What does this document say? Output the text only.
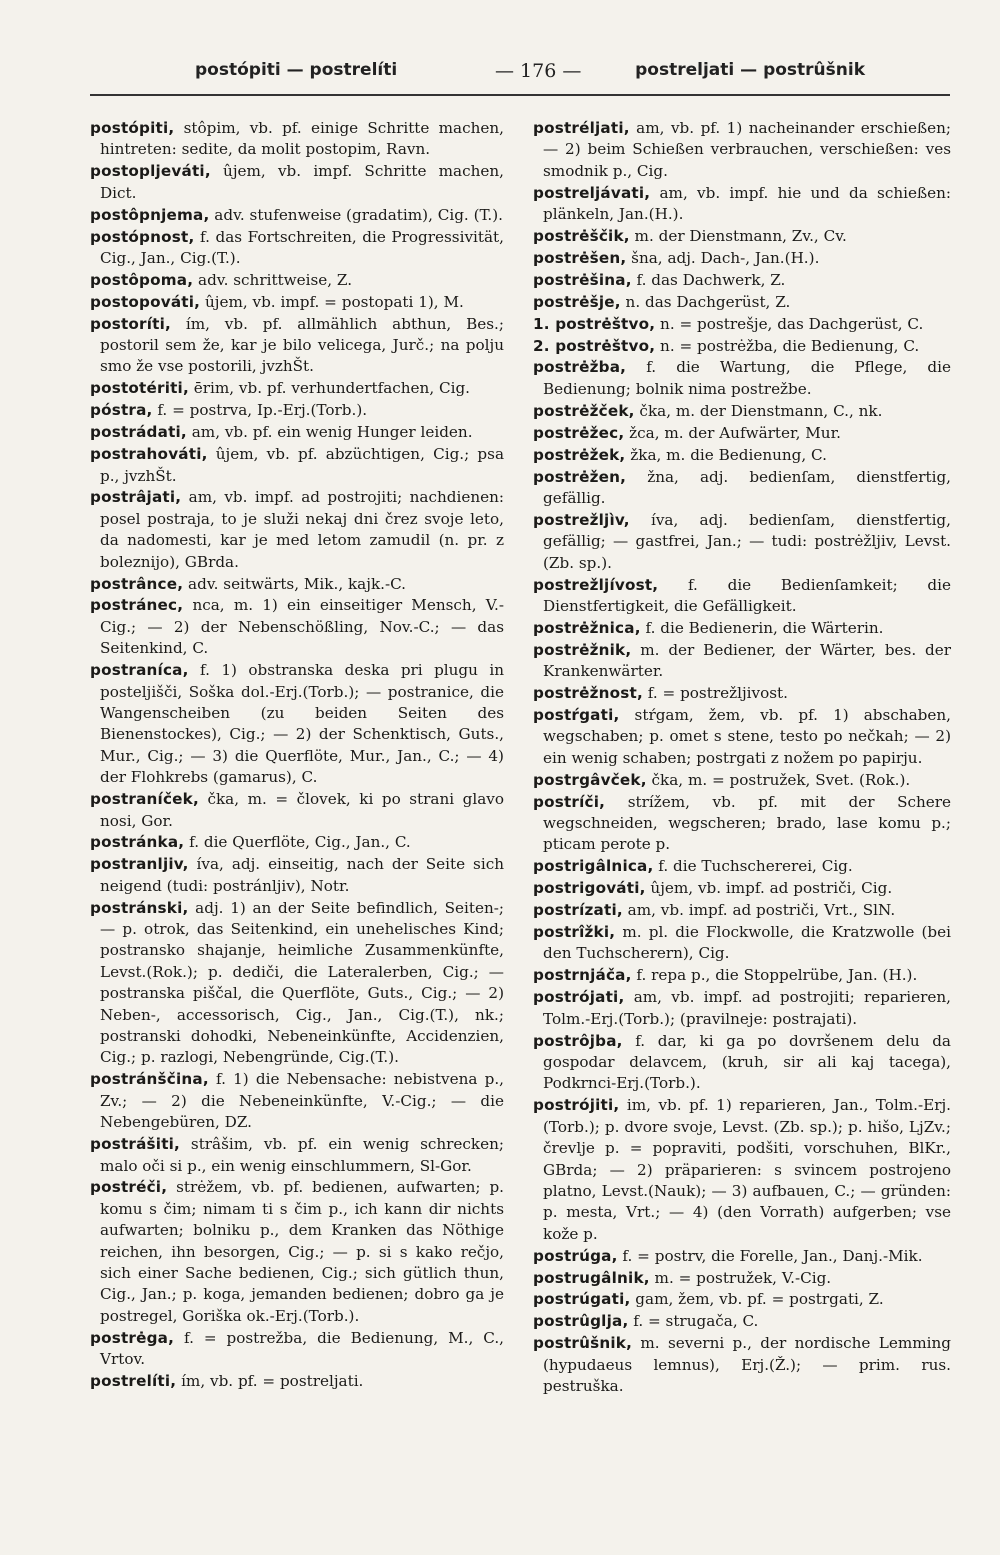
postópiti — postrelíti	— 176 —	postreljati — postrûšnik
postópiti, stôpim, vb. pf. einige Schritte machen, hintreten: sedite, da molit postopim, Ravn.
postopljeváti, ûjem, vb. impf. Schritte machen, Dict.
postôpnjema, adv. stufenweise (gradatim), Cig. (T.).
postópnost, f. das Fortschreiten, die Progressivität, Cig., Jan., Cig.(T.).
postôpoma, adv. schrittweise, Z.
postopováti, ûjem, vb. impf. = postopati 1), M.
postoríti, ím, vb. pf. allmählich abthun, Bes.; postoril sem že, kar je bilo velicega, Jurč.; na polju smo že vse postorili, jvzhŠt.
postotériti, ērim, vb. pf. verhundertfachen, Cig.
póstra, f. = postrva, Ip.-Erj.(Torb.).
postrádati, am, vb. pf. ein wenig Hunger leiden.
postrahováti, ûjem, vb. pf. abzüchtigen, Cig.; psa p., jvzhŠt.
postrâjati, am, vb. impf. ad postrojiti; nachdienen: posel postraja, to je služi nekaj dni črez svoje leto, da nadomesti, kar je med letom zamudil (n. pr. z boleznijo), GBrda.
postrânce, adv. seitwärts, Mik., kajk.-C.
postránec, nca, m. 1) ein einseitiger Mensch, V.-Cig.; — 2) der Nebenschößling, Nov.-C.; — das Seitenkind, C.
postraníca, f. 1) obstranska deska pri plugu in posteljišči, Soška dol.-Erj.(Torb.); — postranice, die Wangenscheiben (zu beiden Seiten des Bienenstockes), Cig.; — 2) der Schenktisch, Guts., Mur., Cig.; — 3) die Querflöte, Mur., Jan., C.; — 4) der Flohkrebs (gamarus), C.
postraníček, čka, m. = človek, ki po strani glavo nosi, Gor.
postránka, f. die Querflöte, Cig., Jan., C.
postranljiv, íva, adj. einseitig, nach der Seite sich neigend (tudi: postránljiv), Notr.
postránski, adj. 1) an der Seite befindlich, Seiten-; — p. otrok, das Seitenkind, ein unehelisches Kind; postransko shajanje, heimliche Zusammenkünfte, Levst.(Rok.); p. dediči, die Lateralerben, Cig.; — postranska piščal, die Querflöte, Guts., Cig.; — 2) Neben-, accessorisch, Cig., Jan., Cig.(T.), nk.; postranski dohodki, Nebeneinkünfte, Accidenzien, Cig.; p. razlogi, Nebengründe, Cig.(T.).
postránščina, f. 1) die Nebensache: nebistvena p., Zv.; — 2) die Nebeneinkünfte, V.-Cig.; — die Nebengebüren, DZ.
postrášiti, strâšim, vb. pf. ein wenig schrecken; malo oči si p., ein wenig einschlummern, Sl-Gor.
postréči, strėžem, vb. pf. bedienen, aufwarten; p. komu s čim; nimam ti s čim p., ich kann dir nichts aufwarten; bolniku p., dem Kranken das Nöthige reichen, ihn besorgen, Cig.; — p. si s kako rečjo, sich einer Sache bedienen, Cig.; sich gütlich thun, Cig., Jan.; p. koga, jemanden bedienen; dobro ga je postregel, Goriška ok.-Erj.(Torb.).
postrėga, f. = postrežba, die Bedienung, M., C., Vrtov.
postrelíti, ím, vb. pf. = postreljati.
postréljati, am, vb. pf. 1) nacheinander erschießen; — 2) beim Schießen verbrauchen, verschießen: ves smodnik p., Cig.
postreljávati, am, vb. impf. hie und da schießen: plänkeln, Jan.(H.).
postrėščik, m. der Dienstmann, Zv., Cv.
postrėšen, šna, adj. Dach-, Jan.(H.).
postrėšina, f. das Dachwerk, Z.
postrėšje, n. das Dachgerüst, Z.
1. postrėštvo, n. = postrešje, das Dachgerüst, C.
2. postrėštvo, n. = postrėžba, die Bedienung, C.
postrėžba, f. die Wartung, die Pflege, die Bedienung; bolnik nima postrežbe.
postrėžček, čka, m. der Dienstmann, C., nk.
postrėžec, žca, m. der Aufwärter, Mur.
postrėžek, žka, m. die Bedienung, C.
postrėžen, žna, adj. bedienſam, dienstfertig, gefällig.
postrežljìv, íva, adj. bedienſam, dienstfertig, gefällig; — gastfrei, Jan.; — tudi: postrėžljiv, Levst.(Zb. sp.).
postrežljívost, f. die Bedienſamkeit; die Dienstfertigkeit, die Gefälligkeit.
postrėžnica, f. die Bedienerin, die Wärterin.
postrėžnik, m. der Bediener, der Wärter, bes. der Krankenwärter.
postrėžnost, f. = postrežljivost.
postŕgati, stŕgam, žem, vb. pf. 1) abschaben, wegschaben; p. omet s stene, testo po nečkah; — 2) ein wenig schaben; postrgati z nožem po papirju.
postrgâvček, čka, m. = postružek, Svet. (Rok.).
postríči, strížem, vb. pf. mit der Schere wegschneiden, wegscheren; brado, lase komu p.; pticam perote p.
postrigâlnica, f. die Tuchschererei, Cig.
postrigováti, ûjem, vb. impf. ad postriči, Cig.
postrízati, am, vb. impf. ad postriči, Vrt., SlN.
postrîžki, m. pl. die Flockwolle, die Kratzwolle (bei den Tuchscherern), Cig.
postrnjáča, f. repa p., die Stoppelrübe, Jan. (H.).
postrójati, am, vb. impf. ad postrojiti; reparieren, Tolm.-Erj.(Torb.); (pravilneje: postrajati).
postrôjba, f. dar, ki ga po dovršenem delu da gospodar delavcem, (kruh, sir ali kaj tacega), Podkrnci-Erj.(Torb.).
postrójiti, im, vb. pf. 1) reparieren, Jan., Tolm.-Erj.(Torb.); p. dvore svoje, Levst. (Zb. sp.); p. hišo, LjZv.; črevlje p. = popraviti, podšiti, vorschuhen, BlKr., GBrda; — 2) präparieren: s svincem postrojeno platno, Levst.(Nauk); — 3) aufbauen, C.; — gründen: p. mesta, Vrt.; — 4) (den Vorrath) aufgerben; vse kože p.
postrúga, f. = postrv, die Forelle, Jan., Danj.-Mik.
postrugâlnik, m. = postružek, V.-Cig.
postrúgati, gam, žem, vb. pf. = postrgati, Z.
postrûglja, f. = strugača, C.
postrûšnik, m. severni p., der nordische Lemming (hypudaeus lemnus), Erj.(Ž.); — prim. rus. pestruška.
